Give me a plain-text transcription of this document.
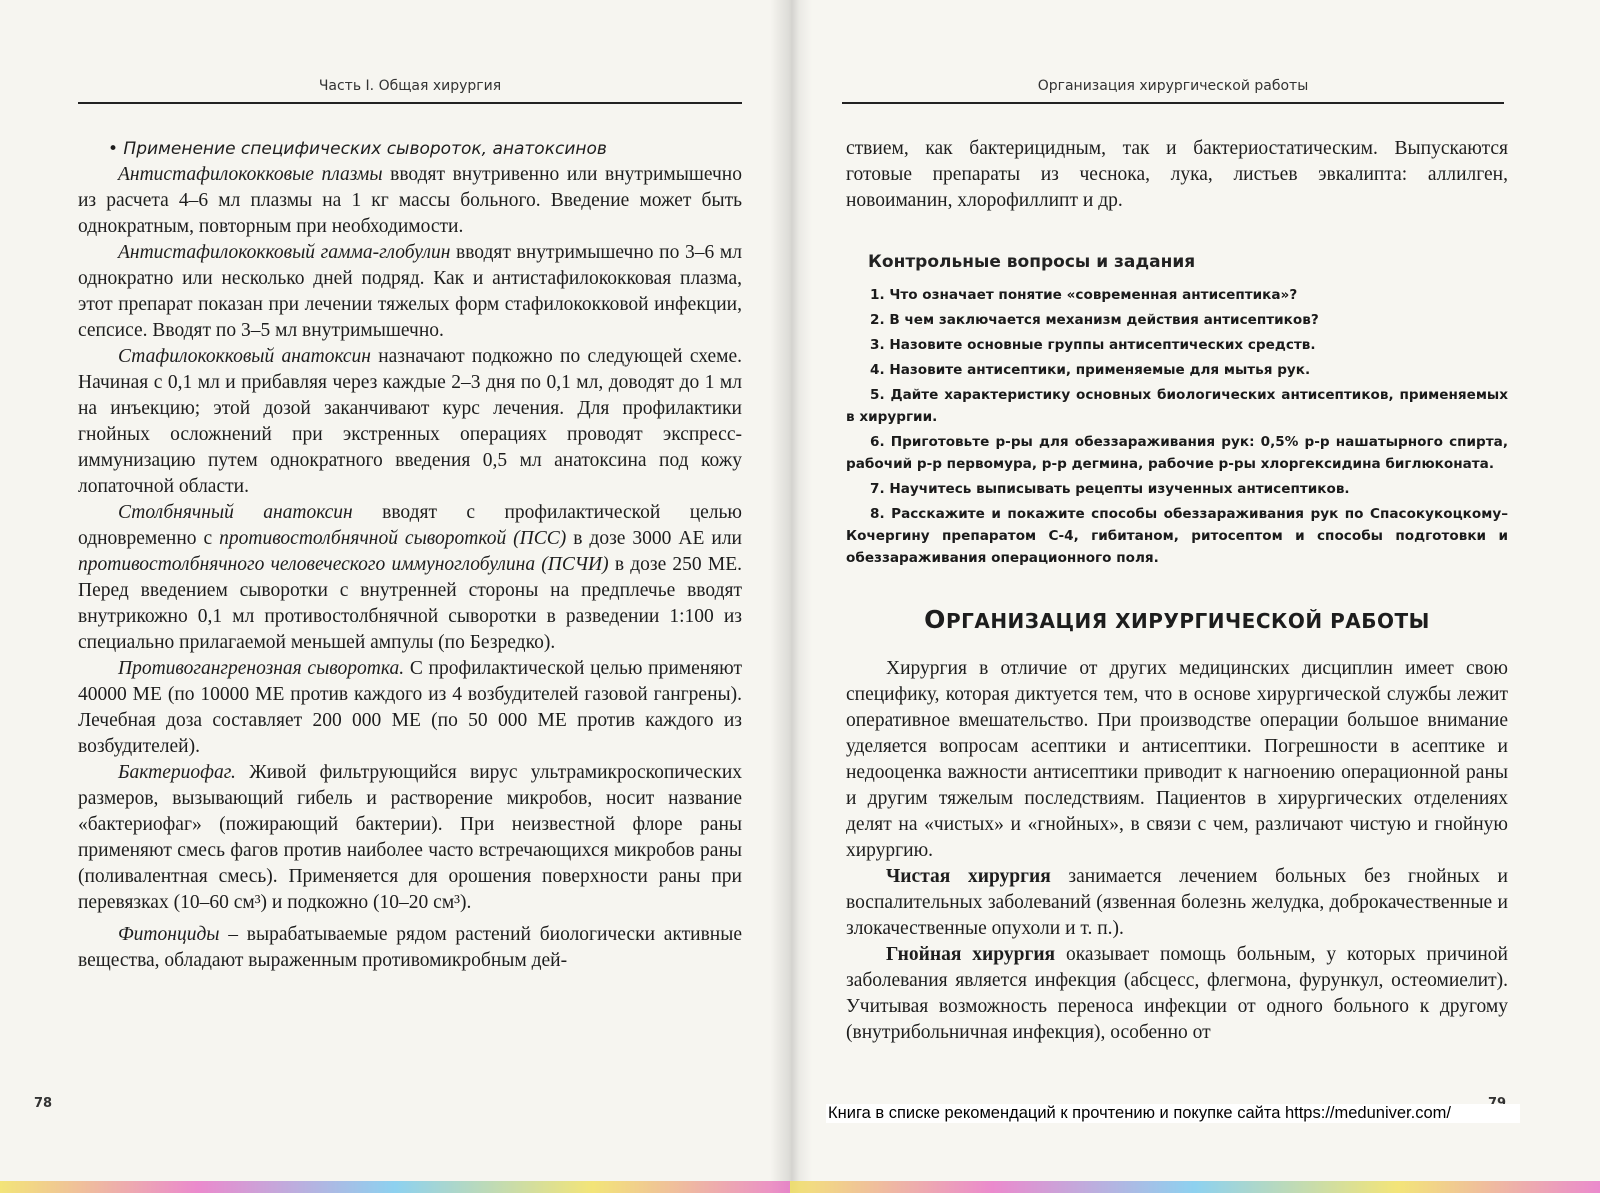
Часть I. Общая хирургия	Организация хирургической работы
• Применение специфических сывороток, анатоксинов

Антистафилококковые плазмы вводят внутривенно или внутримышечно из расчета 4–6 мл плазмы на 1 кг массы больного. Введение может быть однократным, повторным при необходимости.

Антистафилококковый гамма-глобулин вводят внутримышечно по 3–6 мл однократно или несколько дней подряд. Как и антистафилококковая плазма, этот препарат показан при лечении тяжелых форм стафилококковой инфекции, сепсисе. Вводят по 3–5 мл внутримышечно.

Стафилококковый анатоксин назначают подкожно по следующей схеме. Начиная с 0,1 мл и прибавляя через каждые 2–3 дня по 0,1 мл, доводят до 1 мл на инъекцию; этой дозой заканчивают курс лечения. Для профилактики гнойных осложнений при экстренных операциях проводят экспресс-иммунизацию путем однократного введения 0,5 мл анатоксина под кожу лопаточной области.

Столбнячный анатоксин вводят с профилактической целью одновременно с противостолбнячной сывороткой (ПСС) в дозе 3000 АЕ или противостолбнячного человеческого иммуноглобулина (ПСЧИ) в дозе 250 МЕ. Перед введением сыворотки с внутренней стороны на предплечье вводят внутрикожно 0,1 мл противостолбнячной сыворотки в разведении 1:100 из специально прилагаемой меньшей ампулы (по Безредко).

Противогангренозная сыворотка. С профилактической целью применяют 40000 МЕ (по 10000 МЕ против каждого из 4 возбудителей газовой гангрены). Лечебная доза составляет 200 000 МЕ (по 50 000 МЕ против каждого из возбудителей).

Бактериофаг. Живой фильтрующийся вирус ультрамикроскопических размеров, вызывающий гибель и растворение микробов, носит название «бактериофаг» (пожирающий бактерии). При неизвестной флоре раны применяют смесь фагов против наиболее часто встречающихся микробов раны (поливалентная смесь). Применяется для орошения поверхности раны при перевязках (10–60 см³) и подкожно (10–20 см³).

Фитонциды – вырабатываемые рядом растений биологически активные вещества, обладают выраженным противомикробным дей-

ствием, как бактерицидным, так и бактериостатическим. Выпускаются готовые препараты из чеснока, лука, листьев эвкалипта: аллилген, новоиманин, хлорофиллипт и др.

Контрольные вопросы и задания
1. Что означает понятие «современная антисептика»?
2. В чем заключается механизм действия антисептиков?
3. Назовите основные группы антисептических средств.
4. Назовите антисептики, применяемые для мытья рук.
5. Дайте характеристику основных биологических антисептиков, применяемых в хирургии.
6. Приготовьте р-ры для обеззараживания рук: 0,5% р-р нашатырного спирта, рабочий р-р первомура, р-р дегмина, рабочие р-ры хлоргексидина биглюконата.
7. Научитесь выписывать рецепты изученных антисептиков.
8. Расскажите и покажите способы обеззараживания рук по Спасокукоцкому–Кочергину препаратом С-4, гибитаном, ритосептом и способы подготовки и обеззараживания операционного поля.
ОРГАНИЗАЦИЯ ХИРУРГИЧЕСКОЙ РАБОТЫ

Хирургия в отличие от других медицинских дисциплин имеет свою специфику, которая диктуется тем, что в основе хирургической службы лежит оперативное вмешательство. При производстве операции большое внимание уделяется вопросам асептики и антисептики. Погрешности в асептике и недооценка важности антисептики приводит к нагноению операционной раны и другим тяжелым последствиям. Пациентов в хирургических отделениях делят на «чистых» и «гнойных», в связи с чем, различают чистую и гнойную хирургию.

Чистая хирургия занимается лечением больных без гнойных и воспалительных заболеваний (язвенная болезнь желудка, доброкачественные и злокачественные опухоли и т. п.).

Гнойная хирургия оказывает помощь больным, у которых причиной заболевания является инфекция (абсцесс, флегмона, фурункул, остеомиелит). Учитывая возможность переноса инфекции от одного больного к другому (внутрибольничная инфекция), особенно от

78
Книга в списке рекомендаций к прочтению и покупке сайта https://meduniver.com/
